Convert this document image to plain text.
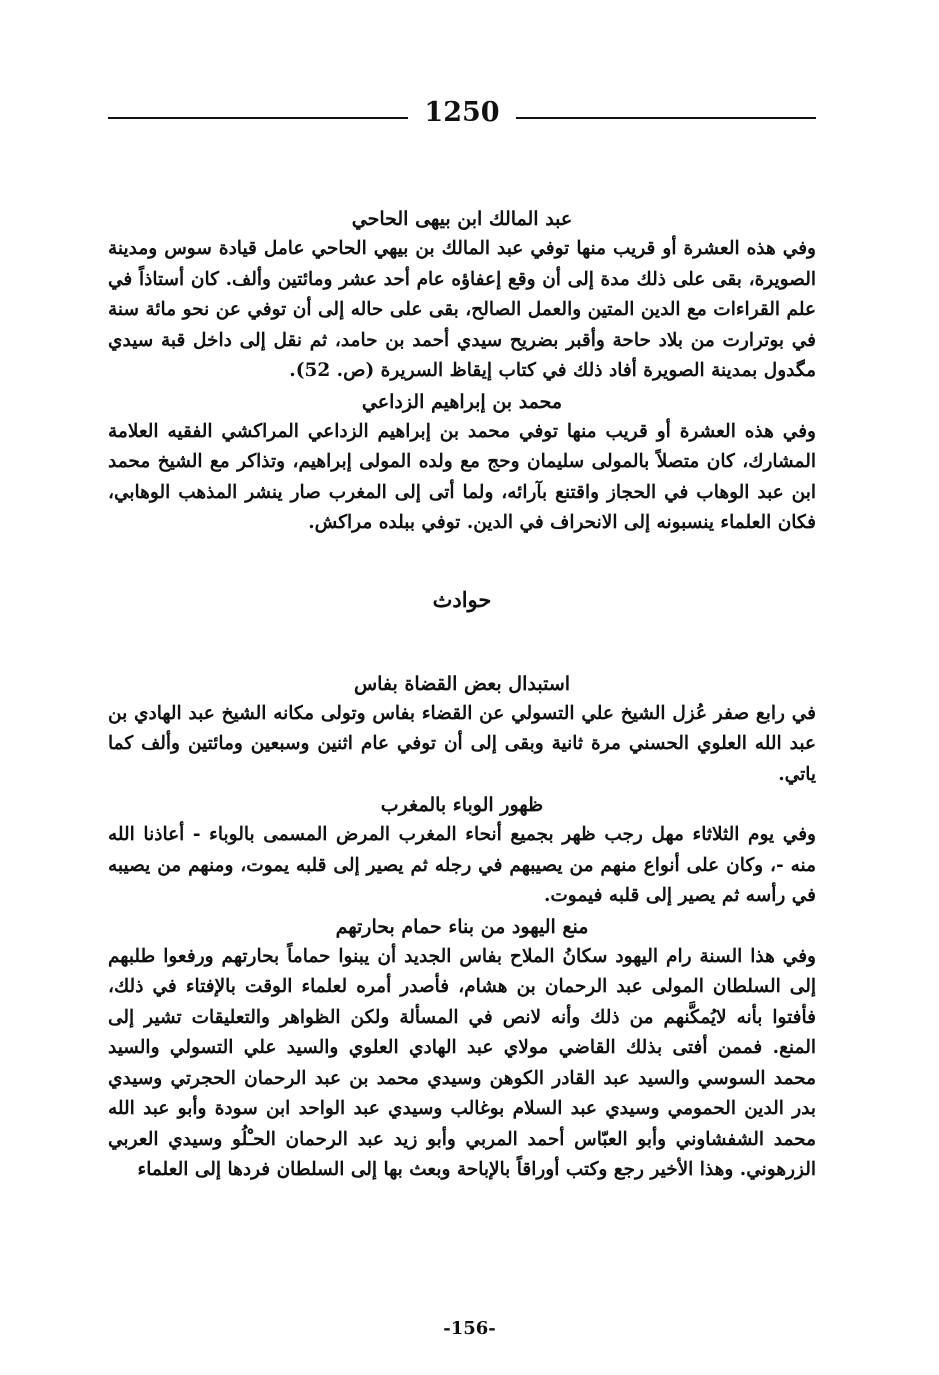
1250
عبد المالك ابن بيهى الحاحي

وفي هذه العشرة أو قريب منها توفي عبد المالك بن بيهي الحاحي عامل قيادة سوس ومدينة الصويرة، بقى على ذلك مدة إلى أن وقع إعفاؤه عام أحد عشر ومائتين وألف. كان أستاذاً في علم القراءات مع الدين المتين والعمل الصالح، بقى على حاله إلى أن توفي عن نحو مائة سنة في بوترارت من بلاد حاحة وأقبر بضريح سيدي أحمد بن حامد، ثم نقل إلى داخل قبة سيدي مگدول بمدينة الصويرة أفاد ذلك في كتاب إيقاظ السريرة (ص. 52).

محمد بن إبراهيم الزداعي

وفي هذه العشرة أو قريب منها توفي محمد بن إبراهيم الزداعي المراكشي الفقيه العلامة المشارك، كان متصلاً بالمولى سليمان وحج مع ولده المولى إبراهيم، وتذاكر مع الشيخ محمد ابن عبد الوهاب في الحجاز واقتنع بآرائه، ولما أتى إلى المغرب صار ينشر المذهب الوهابي، فكان العلماء ينسبونه إلى الانحراف في الدين. توفي ببلده مراكش.

حوادث
استبدال بعض القضاة بفاس

في رابع صفر عُزل الشيخ علي التسولي عن القضاء بفاس وتولى مكانه الشيخ عبد الهادي بن عبد الله العلوي الحسني مرة ثانية وبقى إلى أن توفي عام اثنين وسبعين ومائتين وألف كما ياتي.

ظهور الوباء بالمغرب

وفي يوم الثلاثاء مهل رجب ظهر بجميع أنحاء المغرب المرض المسمى بالوباء - أعاذنا الله منه -، وكان على أنواع منهم من يصيبهم في رجله ثم يصير إلى قلبه يموت، ومنهم من يصيبه في رأسه ثم يصير إلى قلبه فيموت.

منع اليهود من بناء حمام بحارتهم

وفي هذا السنة رام اليهود سكانُ الملاح بفاس الجديد أن يبنوا حماماً بحارتهم ورفعوا طلبهم إلى السلطان المولى عبد الرحمان بن هشام، فأصدر أمره لعلماء الوقت بالإفتاء في ذلك، فأفتوا بأنه لايُمكَّنهم من ذلك وأنه لانص في المسألة ولكن الظواهر والتعليقات تشير إلى المنع. فممن أفتى بذلك القاضي مولاي عبد الهادي العلوي والسيد علي التسولي والسيد محمد السوسي والسيد عبد القادر الكوهن وسيدي محمد بن عبد الرحمان الحجرتي وسيدي بدر الدين الحمومي وسيدي عبد السلام بوغالب وسيدي عبد الواحد ابن سودة وأبو عبد الله محمد الشفشاوني وأبو العبّاس أحمد المربي وأبو زيد عبد الرحمان الحـْلُو وسيدي العربي الزرهوني. وهذا الأخير رجع وكتب أوراقاً بالإباحة وبعث بها إلى السلطان فردها إلى العلماء

-156-
